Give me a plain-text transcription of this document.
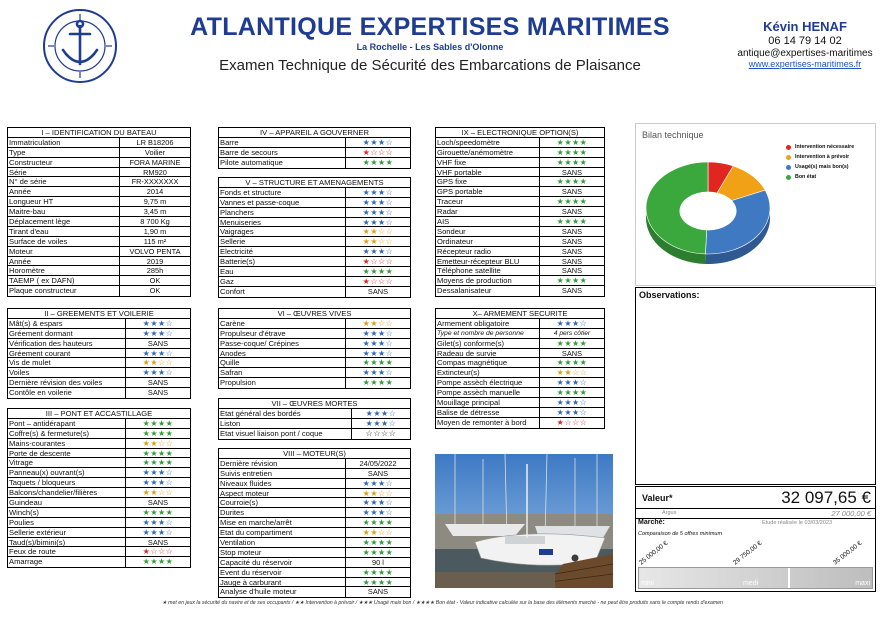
ATLANTIQUE EXPERTISES MARITIMES
La Rochelle - Les Sables d'Olonne
Examen Technique de Sécurité des Embarcations de Plaisance
Kévin HENAF
06 14 79 14 02
antique@expertises-maritimes
www.expertises-maritimes.fr
I – IDENTIFICATION DU BATEAU
Immatriculation	LR B18206
Type	Voilier
Constructeur	FORA MARINE
Série	RM920
N° de série	FR-XXXXXXX
Année	2014
Longueur HT	9,75 m
Maitre-bau	3,45 m
Déplacement lège	8 700 Kg
Tirant d'eau	1,90 m
Surface de voiles	115 m²
Moteur	VOLVO PENTA
Année	2019
Horomètre	285h
TAEMP ( ex DAFN)	OK
Plaque constructeur	OK
II – GREEMENTS ET VOILERIE
Mât(s) & espars	★★★☆
Gréement dormant	★★★☆
Vérification des hauteurs	SANS
Gréement courant	★★★☆
Vis de mulet	★★☆☆
Voiles	★★★☆
Dernière révision des voiles	SANS
Contôle en voilerie	SANS
III – PONT ET ACCASTILLAGE
Pont – antidérapant	★★★★
Coffre(s) & fermeture(s)	★★★★
Mains-courantes	★★☆☆
Porte de descente	★★★★
Vitrage	★★★★
Panneau(x) ouvrant(s)	★★★☆
Taquets / bloqueurs	★★★☆
Balcons/chandelier/filières	★★☆☆
Guindeau	SANS
Winch(s)	★★★★
Poulies	★★★☆
Sellerie extérieur	★★★☆
Taud(s)/bimini(s)	SANS
Feux de route	★☆☆☆
Amarrage	★★★★
IV – APPAREIL A GOUVERNER
Barre	★★★☆
Barre de secours	★☆☆☆
Pilote automatique	★★★★
V – STRUCTURE ET AMENAGEMENTS
Fonds et structure	★★★☆
Vannes et passe-coque	★★★☆
Planchers	★★★☆
Menuiseries	★★★☆
Vaigrages	★★☆☆
Sellerie	★★☆☆
Electricité	★★★☆
Batterie(s)	★☆☆☆
Eau	★★★★
Gaz	★☆☆☆
Confort	SANS
VI – ŒUVRES VIVES
Carène	★★☆☆
Propulseur d'étrave	★★★☆
Passe-coque/ Crépines	★★★☆
Anodes	★★★☆
Quille	★★★★
Safran	★★★☆
Propulsion	★★★★
VII – ŒUVRES MORTES
Etat général des bordés	★★★☆
Liston	★★★☆
Etat visuel liaison pont / coque	☆☆☆☆
VIII – MOTEUR(S)
Dernière révision	24/05/2022
Suivis entretien	SANS
Niveaux fluides	★★★☆
Aspect moteur	★★☆☆
Courroie(s)	★★★☆
Durites	★★★☆
Mise en marche/arrêt	★★★★
Etat du compartiment	★★☆☆
Ventilation	★★★★
Stop moteur	★★★★
Capacité du réservoir	90 l
Event du réservoir	★★★★
Jauge à carburant	★★★★
Analyse d'huile moteur	SANS
IX – ELECTRONIQUE OPTION(S)
Loch/speedomètre	★★★★
Girouette/anémomètre	★★★★
VHF fixe	★★★★
VHF portable	SANS
GPS fixe	★★★★
GPS portable	SANS
Traceur	★★★★
Radar	SANS
AIS	★★★★
Sondeur	SANS
Ordinateur	SANS
Récepteur radio	SANS
Emetteur-récepteur BLU	SANS
Téléphone satellite	SANS
Moyens de production	★★★★
Dessalanisateur	SANS
X– ARMEMENT SECURITE
Armement obligatoire	★★★☆
Type et nombre de personne	4 pers côtier
Gilet(s) conforme(s)	★★★★
Radeau de survie	SANS
Compas magnétique	★★★★
Extincteur(s)	★★☆☆
Pompe assèch électrique	★★★☆
Pompe assèch manuelle	★★★★
Mouillage principal	★★★☆
Balise de détresse	★★★☆
Moyen de remonter à bord	★☆☆☆
Bilan technique
Intervention nécessaire
Intervention à prévoir
Usagé(s) mais bon(s)
Bon état
Observations:
Valeur*	32 097,65 €
Argus	27 000,00 €
Marché:	Etude réalisée le 03/03/2023
Comparaison de 5 offres minimum
25 000,00 €	29 750,00 €	35 000,00 €
mini	medi	maxi
★ met en jeux la sécurité du navire et de ses occupants / ★★ Intervention à prévoir / ★★★ Usagé mais bon / ★★★★ Bon état - Valeur indicative calculée sur la base des éléments marché - ne peut être produits sans le compte rendu d'examen
